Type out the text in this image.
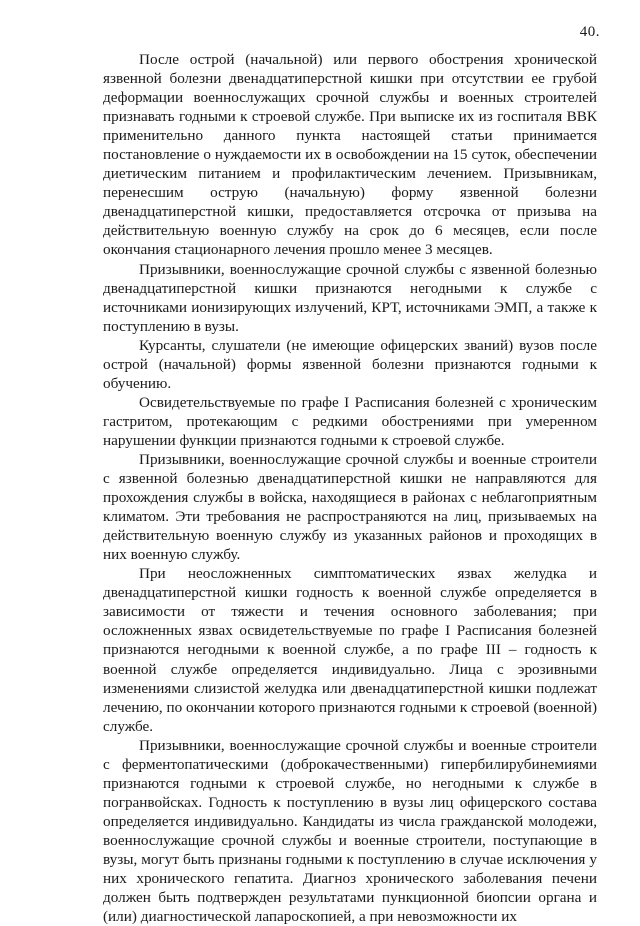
40.

После острой (начальной) или первого обострения хронической язвенной болезни двенадцатиперстной кишки при отсутствии ее грубой деформации военнослужащих срочной службы и военных строителей признавать годными к строевой службе. При выписке их из госпиталя ВВК применительно данного пункта настоящей статьи принимается постановление о нуждаемости их в освобождении на 15 суток, обеспечении диетическим питанием и профилактическим лечением. Призывникам, перенесшим острую (начальную) форму язвенной болезни двенадцатиперстной кишки, предоставляется отсрочка от призыва на действительную военную службу на срок до 6 месяцев, если после окончания стационарного лечения прошло менее 3 месяцев.

Призывники, военнослужащие срочной службы с язвенной болезнью двенадцатиперстной кишки признаются негодными к службе с источниками ионизирующих излучений, КРТ, источниками ЭМП, а также к поступлению в вузы.

Курсанты, слушатели (не имеющие офицерских званий) вузов после острой (начальной) формы язвенной болезни признаются годными к обучению.

Освидетельствуемые по графе I Расписания болезней с хроническим гастритом, протекающим с редкими обострениями при умеренном нарушении функции признаются годными к строевой службе.

Призывники, военнослужащие срочной службы и военные строители с язвенной болезнью двенадцатиперстной кишки не направляются для прохождения службы в войска, находящиеся в районах с неблагоприятным климатом. Эти требования не распространяются на лиц, призываемых на действительную военную службу из указанных районов и проходящих в них военную службу.

При неосложненных симптоматических язвах желудка и двенадцатиперстной кишки годность к военной службе определяется в зависимости от тяжести и течения основного заболевания; при осложненных язвах освидетельствуемые по графе I Расписания болезней признаются негодными к военной службе, а по графе III – годность к военной службе определяется индивидуально. Лица с эрозивными изменениями слизистой желудка или двенадцатиперстной кишки подлежат лечению, по окончании которого признаются годными к строевой (военной) службе.

Призывники, военнослужащие срочной службы и военные строители с ферментопатическими (доброкачественными) гипербилирубинемиями признаются годными к строевой службе, но негодными к службе в погранвойсках. Годность к поступлению в вузы лиц офицерского состава определяется индивидуально. Кандидаты из числа гражданской молодежи, военнослужащие срочной службы и военные строители, поступающие в вузы, могут быть признаны годными к поступлению в случае исключения у них хронического гепатита. Диагноз хронического заболевания печени должен быть подтвержден результатами пункционной биопсии органа и (или) диагностической лапароскопией, а при невозможности их
